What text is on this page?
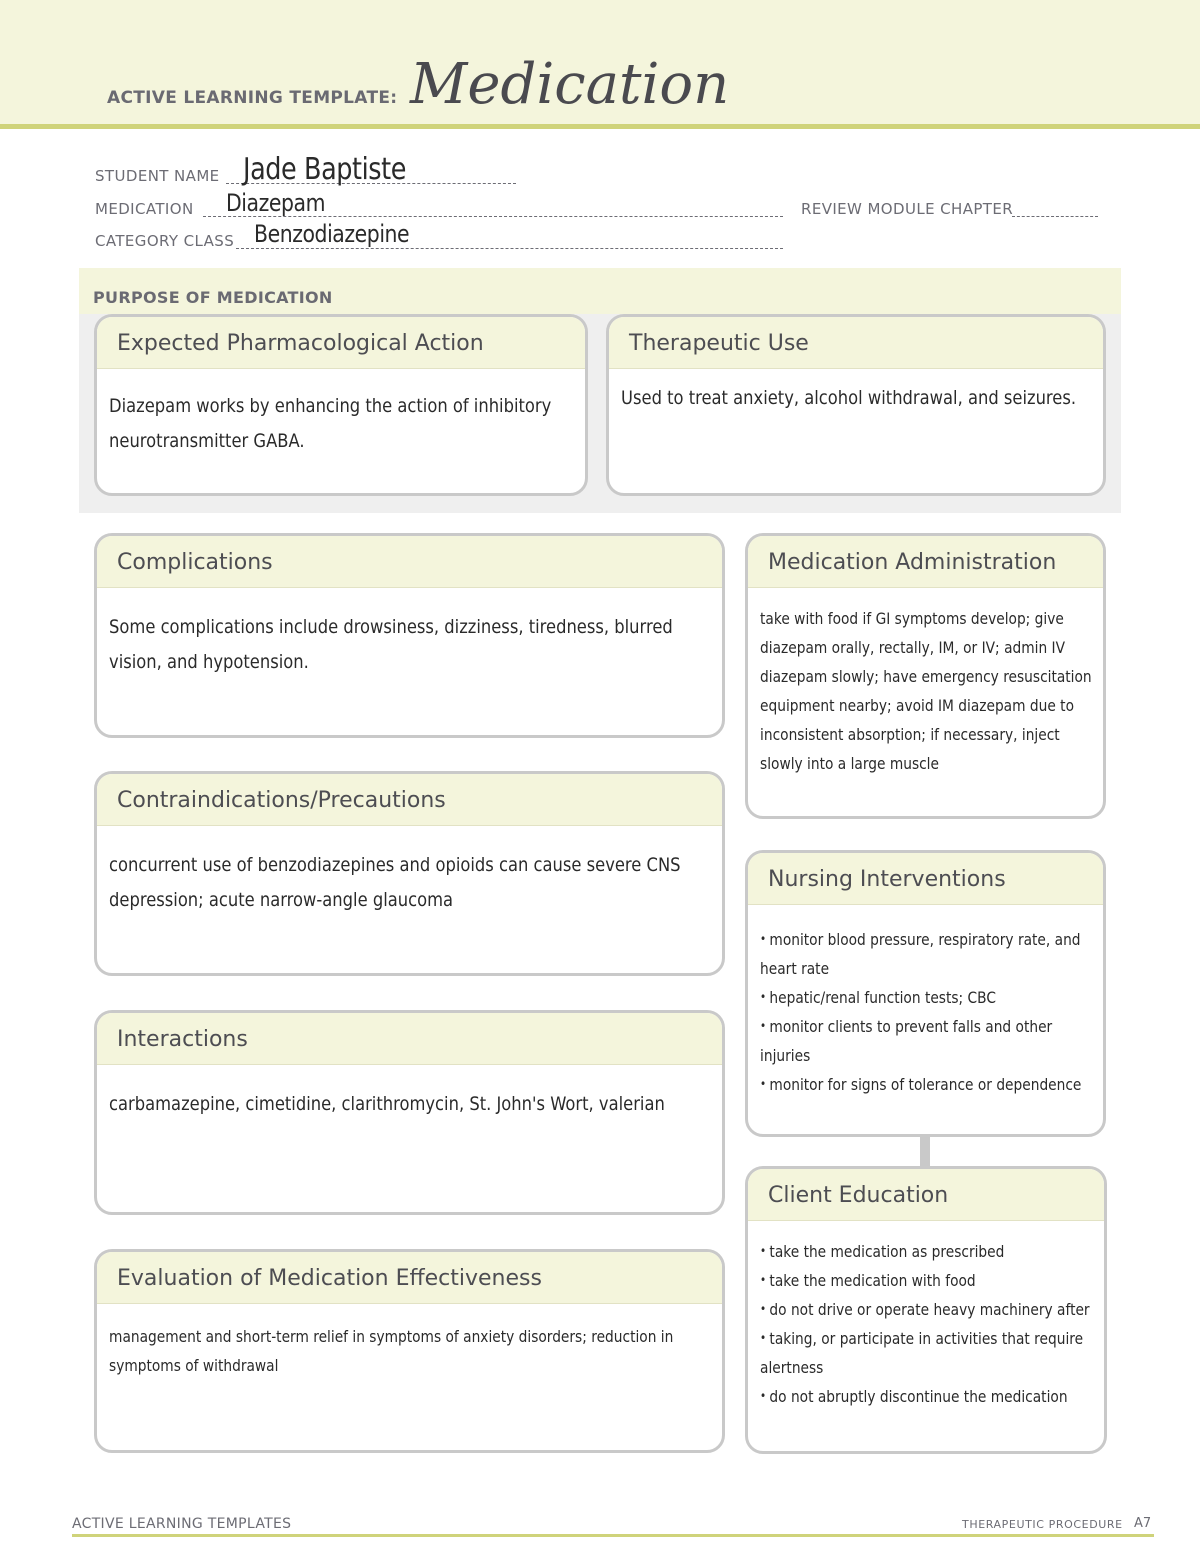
ACTIVE LEARNING TEMPLATE: Medication
STUDENT NAME Jade Baptiste
MEDICATION Diazepam	REVIEW MODULE CHAPTER
CATEGORY CLASS Benzodiazepine
PURPOSE OF MEDICATION
Expected Pharmacological Action
Diazepam works by enhancing the action of inhibitory neurotransmitter GABA.
Therapeutic Use
Used to treat anxiety, alcohol withdrawal, and seizures.
Complications
Some complications include drowsiness, dizziness, tiredness, blurred vision, and hypotension.
Contraindications/Precautions
concurrent use of benzodiazepines and opioids can cause severe CNS depression; acute narrow-angle glaucoma
Interactions
carbamazepine, cimetidine, clarithromycin, St. John's Wort, valerian
Evaluation of Medication Effectiveness
management and short-term relief in symptoms of anxiety disorders; reduction in symptoms of withdrawal
Medication Administration
take with food if GI symptoms develop; give diazepam orally, rectally, IM, or IV; admin IV diazepam slowly; have emergency resuscitation equipment nearby; avoid IM diazepam due to inconsistent absorption; if necessary, inject slowly into a large muscle
Nursing Interventions
• monitor blood pressure, respiratory rate, and heart rate
• hepatic/renal function tests; CBC
• monitor clients to prevent falls and other injuries
• monitor for signs of tolerance or dependence
Client Education
• take the medication as prescribed
• take the medication with food
• do not drive or operate heavy machinery after
• taking, or participate in activities that require alertness
• do not abruptly discontinue the medication
ACTIVE LEARNING TEMPLATES	THERAPEUTIC PROCEDURE A7
